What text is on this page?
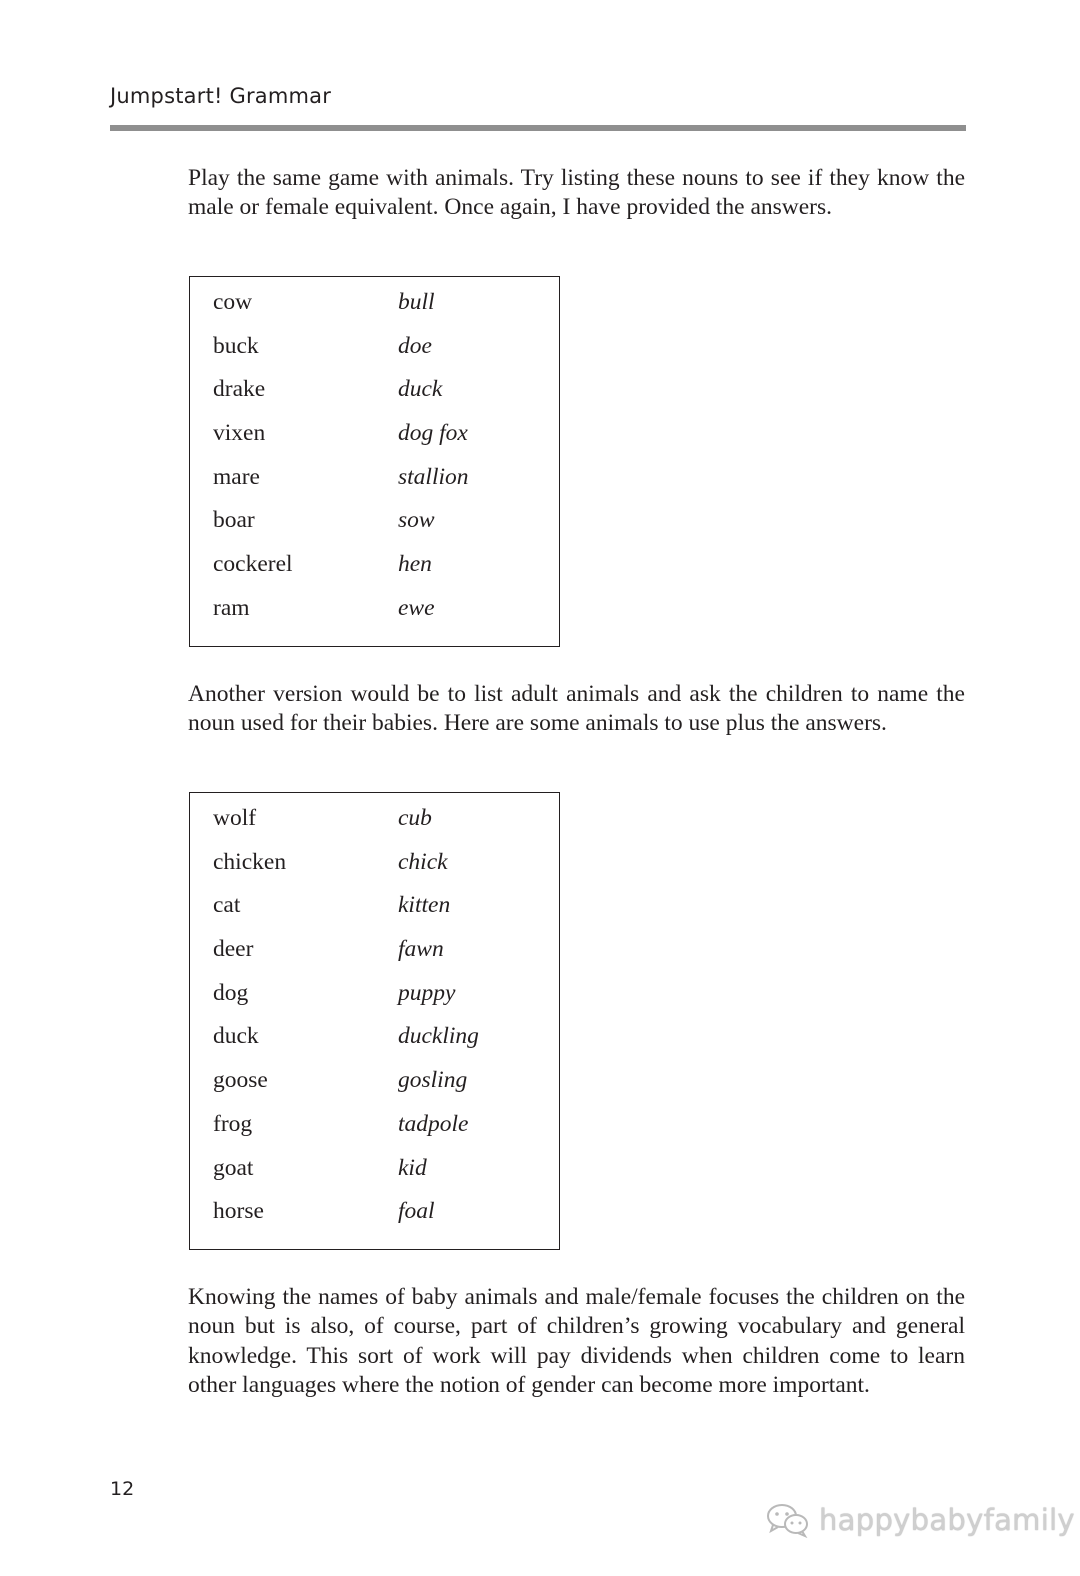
Jumpstart! Grammar

Play the same game with animals. Try listing these nouns to see if they know the male or female equivalent. Once again, I have provided the answers.

cow	bull
buck	doe
drake	duck
vixen	dog fox
mare	stallion
boar	sow
cockerel	hen
ram	ewe

Another version would be to list adult animals and ask the children to name the noun used for their babies. Here are some animals to use plus the answers.

wolf	cub
chicken	chick
cat	kitten
deer	fawn
dog	puppy
duck	duckling
goose	gosling
frog	tadpole
goat	kid
horse	foal

Knowing the names of baby animals and male/female focuses the children on the noun but is also, of course, part of children’s growing vocabulary and general knowledge. This sort of work will pay dividends when children come to learn other languages where the notion of gender can become more important.

12
happybabyfamily
